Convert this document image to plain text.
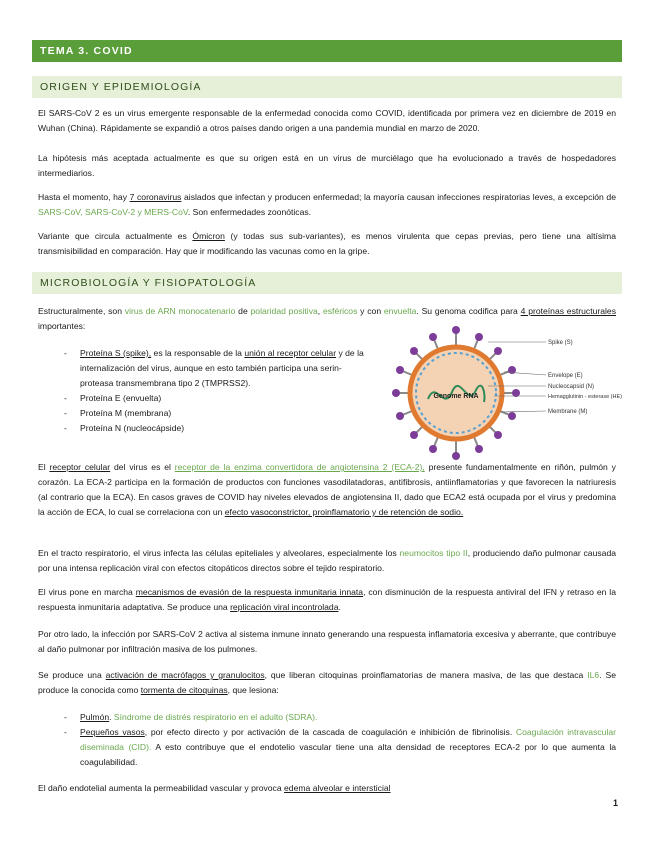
TEMA 3. COVID
ORIGEN Y EPIDEMIOLOGÍA

El SARS-CoV 2 es un virus emergente responsable de la enfermedad conocida como COVID, identificada por primera vez en diciembre de 2019 en Wuhan (China). Rápidamente se expandió a otros países dando origen a una pandemia mundial en marzo de 2020.

La hipótesis más aceptada actualmente es que su origen está en un virus de murciélago que ha evolucionado a través de hospedadores intermediarios.

Hasta el momento, hay 7 coronavirus aislados que infectan y producen enfermedad; la mayoría causan infecciones respiratorias leves, a excepción de SARS-CoV, SARS-CoV-2 y MERS-CoV. Son enfermedades zoonóticas.

Variante que circula actualmente es Ómicron (y todas sus sub-variantes), es menos virulenta que cepas previas, pero tiene una altísima transmisibilidad en comparación. Hay que ir modificando las vacunas como en la gripe.

MICROBIOLOGÍA Y FISIOPATOLOGÍA

Estructuralmente, son virus de ARN monocatenario de polaridad positiva, esféricos y con envuelta. Su genoma codifica para 4 proteínas estructurales importantes:

- Proteína S (spike), es la responsable de la unión al receptor celular y de la internalización del virus, aunque en esto también participa una serin-proteasa transmembrana tipo 2 (TMPRSS2).
- Proteína E (envuelta)
- Proteína M (membrana)
- Proteína N (nucleocápside)
Genome RNA
Spike (S)
Envelope (E)
Nucleocapsid (N)
Hemagglutinin - esterase (HE)
Membrane (M)

El receptor celular del virus es el receptor de la enzima convertidora de angiotensina 2 (ECA-2), presente fundamentalmente en riñón, pulmón y corazón. La ECA-2 participa en la formación de productos con funciones vasodilatadoras, antifibrosis, antiinflamatorias y que favorecen la natriuresis (al contrario que la ECA). En casos graves de COVID hay niveles elevados de angiotensina II, dado que ECA2 está ocupada por el virus y predomina la acción de ECA, lo cual se correlaciona con un efecto vasoconstrictor, proinflamatorio y de retención de sodio.

En el tracto respiratorio, el virus infecta las células epiteliales y alveolares, especialmente los neumocitos tipo II, produciendo daño pulmonar causada por una intensa replicación viral con efectos citopáticos directos sobre el tejido respiratorio.

El virus pone en marcha mecanismos de evasión de la respuesta inmunitaria innata, con disminución de la respuesta antiviral del IFN y retraso en la respuesta inmunitaria adaptativa. Se produce una replicación viral incontrolada.

Por otro lado, la infección por SARS-CoV 2 activa al sistema inmune innato generando una respuesta inflamatoria excesiva y aberrante, que contribuye al daño pulmonar por infiltración masiva de los pulmones.

Se produce una activación de macrófagos y granulocitos, que liberan citoquinas proinflamatorias de manera masiva, de las que destaca IL6. Se produce la conocida como tormenta de citoquinas, que lesiona:

- Pulmón. Síndrome de distrés respiratorio en el adulto (SDRA).
- Pequeños vasos, por efecto directo y por activación de la cascada de coagulación e inhibición de fibrinolisis. Coagulación intravascular diseminada (CID). A esto contribuye que el endotelio vascular tiene una alta densidad de receptores ECA-2 por lo que aumenta la coagulabilidad.

El daño endotelial aumenta la permeabilidad vascular y provoca edema alveolar e intersticial

1
